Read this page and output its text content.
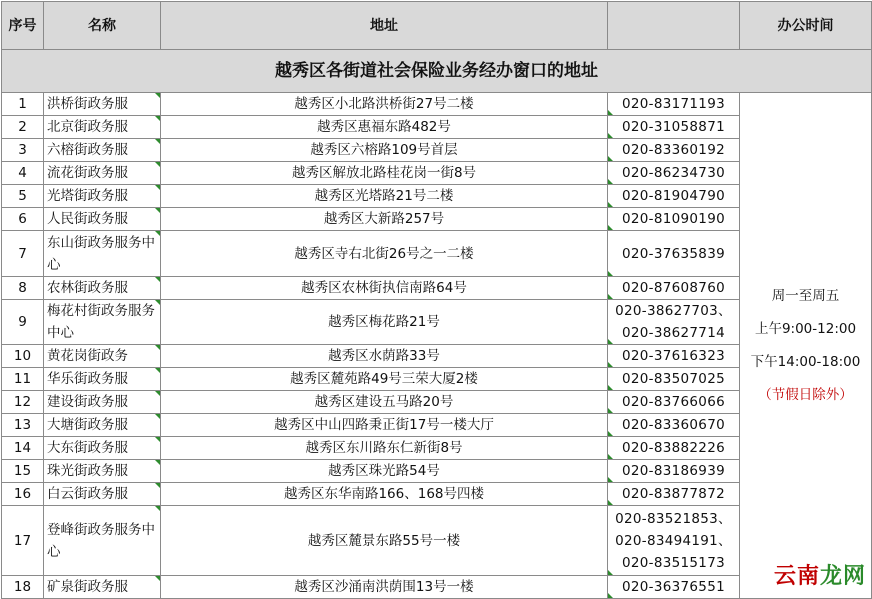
越秀区各街道社会保险业务经办窗口的地址				
序号	名称	地址		办公时间
1	洪桥街政务服	越秀区小北路洪桥街27号二楼	020-83171193	周一至周五
上午9:00-12:00
下午14:00-18:00
（节假日除外）

2	北京街政务服	越秀区惠福东路482号	020-31058871	

3	六榕街政务服	越秀区六榕路109号首层	020-83360192	

4	流花街政务服	越秀区解放北路桂花岗一街8号	020-86234730	

5	光塔街政务服	越秀区光塔路21号二楼	020-81904790	

6	人民街政务服	越秀区大新路257号	020-81090190	

7	东山街政务服务中心	越秀区寺右北街26号之一二楼	020-37635839	

8	农林街政务服	越秀区农林街执信南路64号	020-87608760	

9	梅花村街政务服务中心	越秀区梅花路21号	020-38627703、
020-38627714	

10	黄花岗街政务	越秀区水荫路33号	020-37616323	

11	华乐街政务服	越秀区麓苑路49号三荣大厦2楼	020-83507025	

12	建设街政务服	越秀区建设五马路20号	020-83766066	

13	大塘街政务服	越秀区中山四路秉正街17号一楼大厅	020-83360670	

14	大东街政务服	越秀区东川路东仁新街8号	020-83882226	

15	珠光街政务服	越秀区珠光路54号	020-83186939	

16	白云街政务服	越秀区东华南路166、168号四楼	020-83877872	

17	登峰街政务服务中心	越秀区麓景东路55号一楼	020-83521853、
020-83494191、
020-83515173	

18	矿泉街政务服	越秀区沙涌南洪荫围13号一楼	020-36376551		云南龙网
